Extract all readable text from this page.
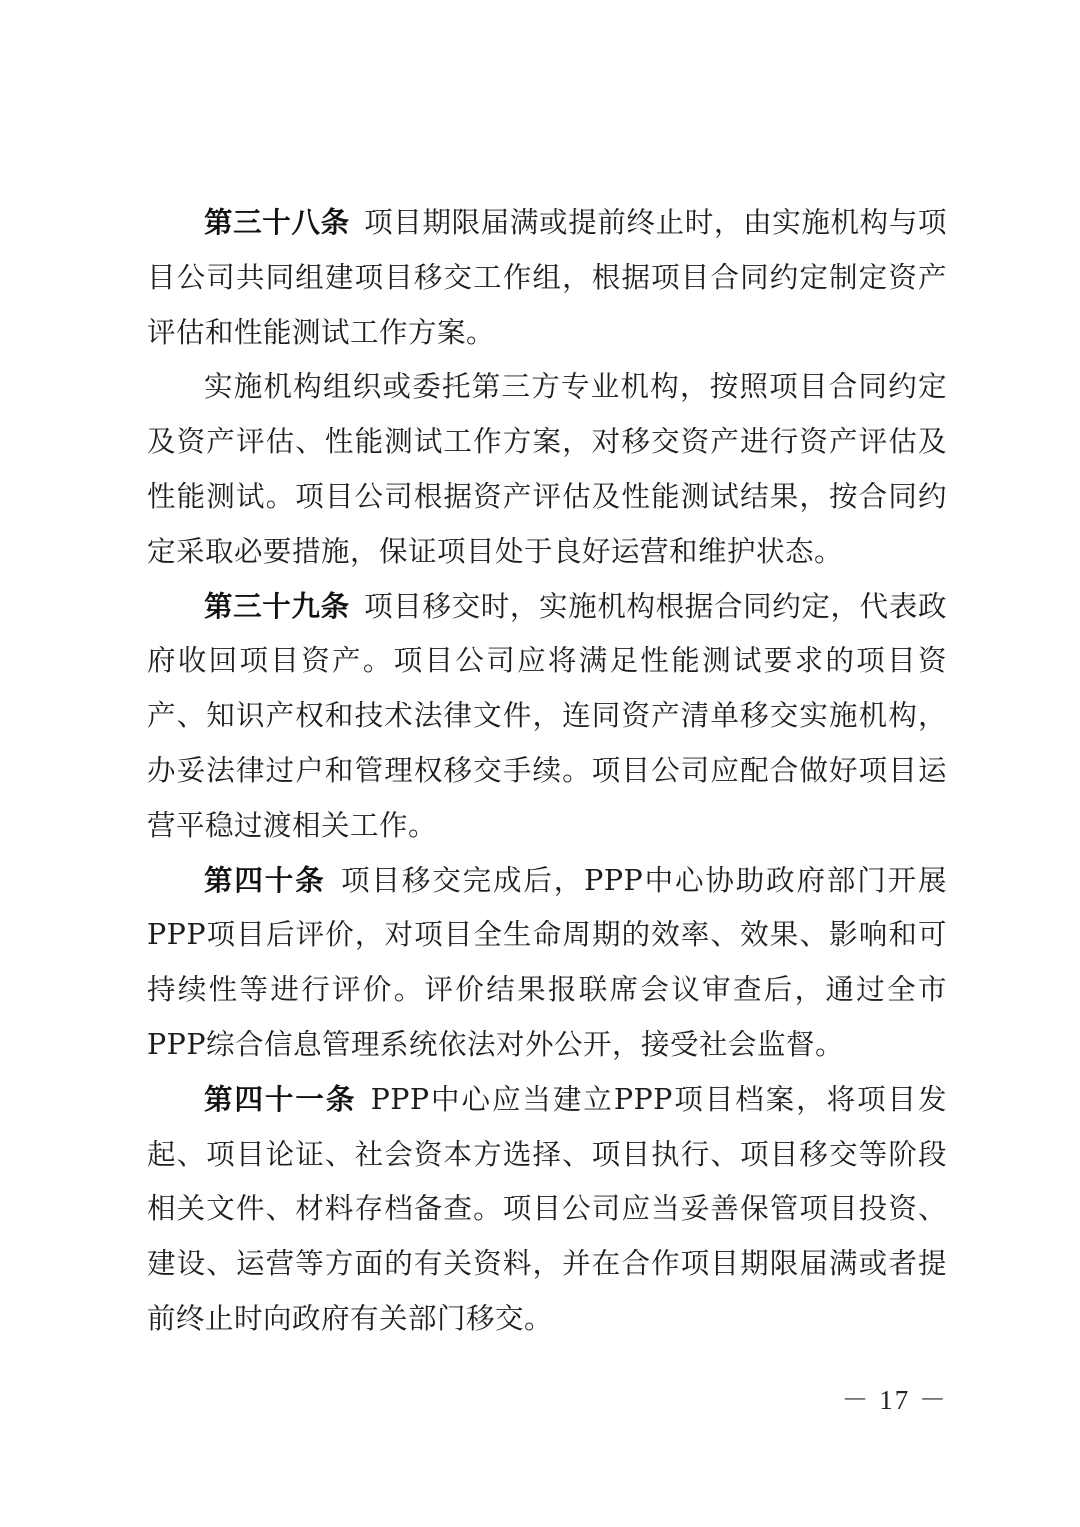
第三十八条 项目期限届满或提前终止时，由实施机构与项目公司共同组建项目移交工作组，根据项目合同约定制定资产评估和性能测试工作方案。

实施机构组织或委托第三方专业机构，按照项目合同约定及资产评估、性能测试工作方案，对移交资产进行资产评估及性能测试。项目公司根据资产评估及性能测试结果，按合同约定采取必要措施，保证项目处于良好运营和维护状态。

第三十九条 项目移交时，实施机构根据合同约定，代表政府收回项目资产。项目公司应将满足性能测试要求的项目资产、知识产权和技术法律文件，连同资产清单移交实施机构，办妥法律过户和管理权移交手续。项目公司应配合做好项目运营平稳过渡相关工作。

第四十条 项目移交完成后，PPP中心协助政府部门开展PPP项目后评价，对项目全生命周期的效率、效果、影响和可持续性等进行评价。评价结果报联席会议审查后，通过全市PPP综合信息管理系统依法对外公开，接受社会监督。

第四十一条 PPP中心应当建立PPP项目档案，将项目发起、项目论证、社会资本方选择、项目执行、项目移交等阶段相关文件、材料存档备查。项目公司应当妥善保管项目投资、建设、运营等方面的有关资料，并在合作项目期限届满或者提前终止时向政府有关部门移交。

－ 17 －
